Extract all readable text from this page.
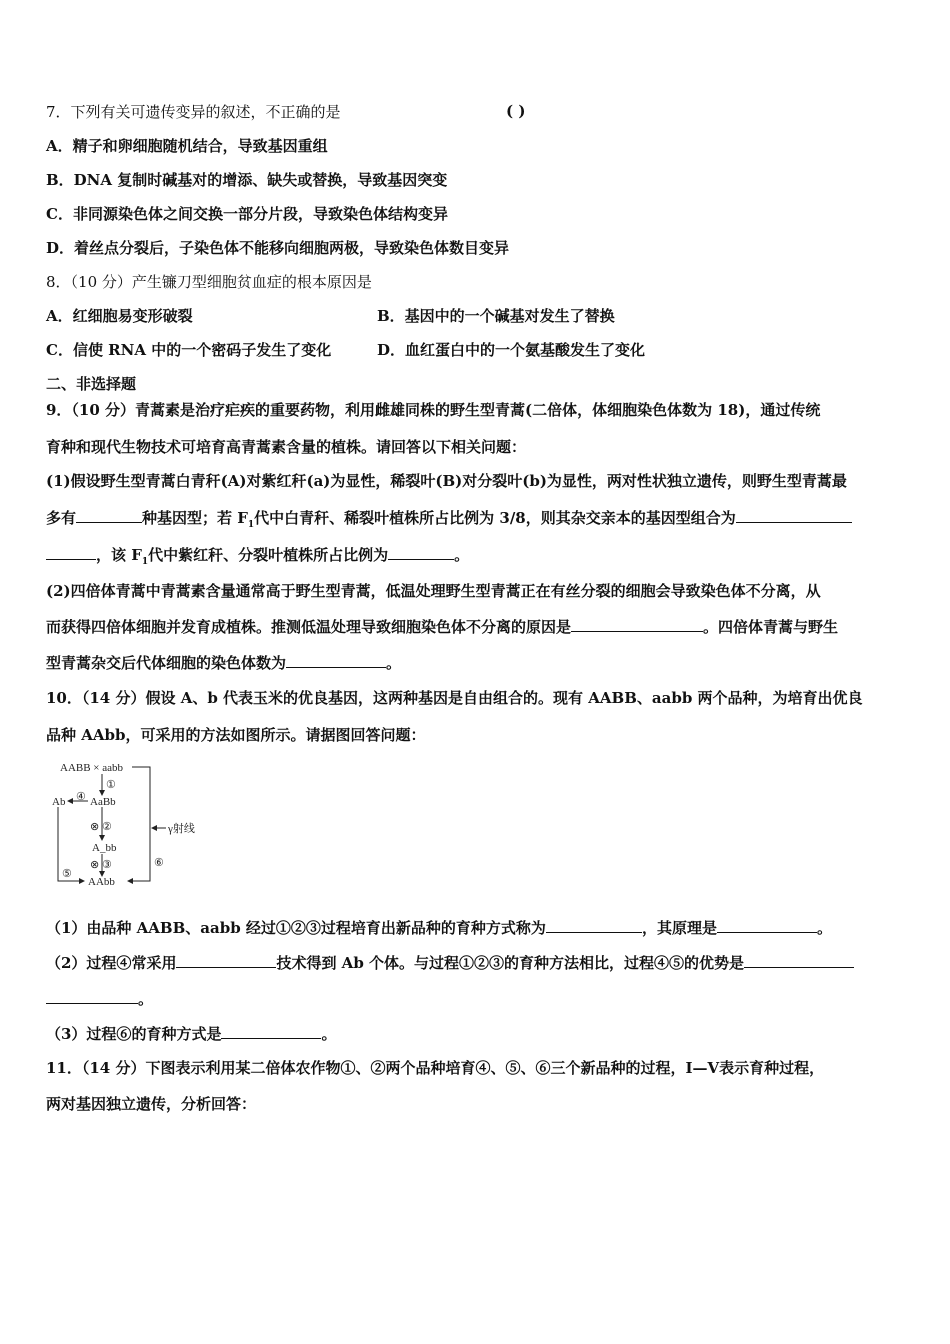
7．下列有关可遗传变异的叙述，不正确的是	( )
A．精子和卵细胞随机结合，导致基因重组
B．DNA 复制时碱基对的增添、缺失或替换，导致基因突变
C．非同源染色体之间交换一部分片段，导致染色体结构变异
D．着丝点分裂后，子染色体不能移向细胞两极，导致染色体数目变异
8．（10 分）产生镰刀型细胞贫血症的根本原因是
A．红细胞易变形破裂	B．基因中的一个碱基对发生了替换
C．信使 RNA 中的一个密码子发生了变化	D．血红蛋白中的一个氨基酸发生了变化
二、非选择题
9．（10 分）青蒿素是治疗疟疾的重要药物，利用雌雄同株的野生型青蒿(二倍体，体细胞染色体数为 18)，通过传统
育种和现代生物技术可培育高青蒿素含量的植株。请回答以下相关问题：
(1)假设野生型青蒿白青秆(A)对紫红秆(a)为显性，稀裂叶(B)对分裂叶(b)为显性，两对性状独立遗传，则野生型青蒿最
多有	种基因型；若 $F_1$代中白青秆、稀裂叶植株所占比例为 3/8，则其杂交亲本的基因型组合为
，该 $F_1$代中紫红秆、分裂叶植株所占比例为	。
(2)四倍体青蒿中青蒿素含量通常高于野生型青蒿，低温处理野生型青蒿正在有丝分裂的细胞会导致染色体不分离，从
而获得四倍体细胞并发育成植株。推测低温处理导致细胞染色体不分离的原因是	。四倍体青蒿与野生
型青蒿杂交后代体细胞的染色体数为	。
10．（14 分）假设 A、b 代表玉米的优良基因，这两种基因是自由组合的。现有 AABB、aabb 两个品种，为培育出优良
品种 AAbb，可采用的方法如图所示。请据图回答问题：
AABB × aabb
①
AaBb
④
Ab
⊗ ②	γ射线
A_bb
⊗ ③	⑥
⑤
AAbb
（1）由品种 AABB、aabb 经过①②③过程培育出新品种的育种方式称为	，其原理是	。
（2）过程④常采用	技术得到 Ab 个体。与过程①②③的育种方法相比，过程④⑤的优势是
。
（3）过程⑥的育种方式是	。
11．（14 分）下图表示利用某二倍体农作物①、②两个品种培育④、⑤、⑥三个新品种的过程，Ⅰ—Ⅴ表示育种过程，
两对基因独立遗传，分析回答：
